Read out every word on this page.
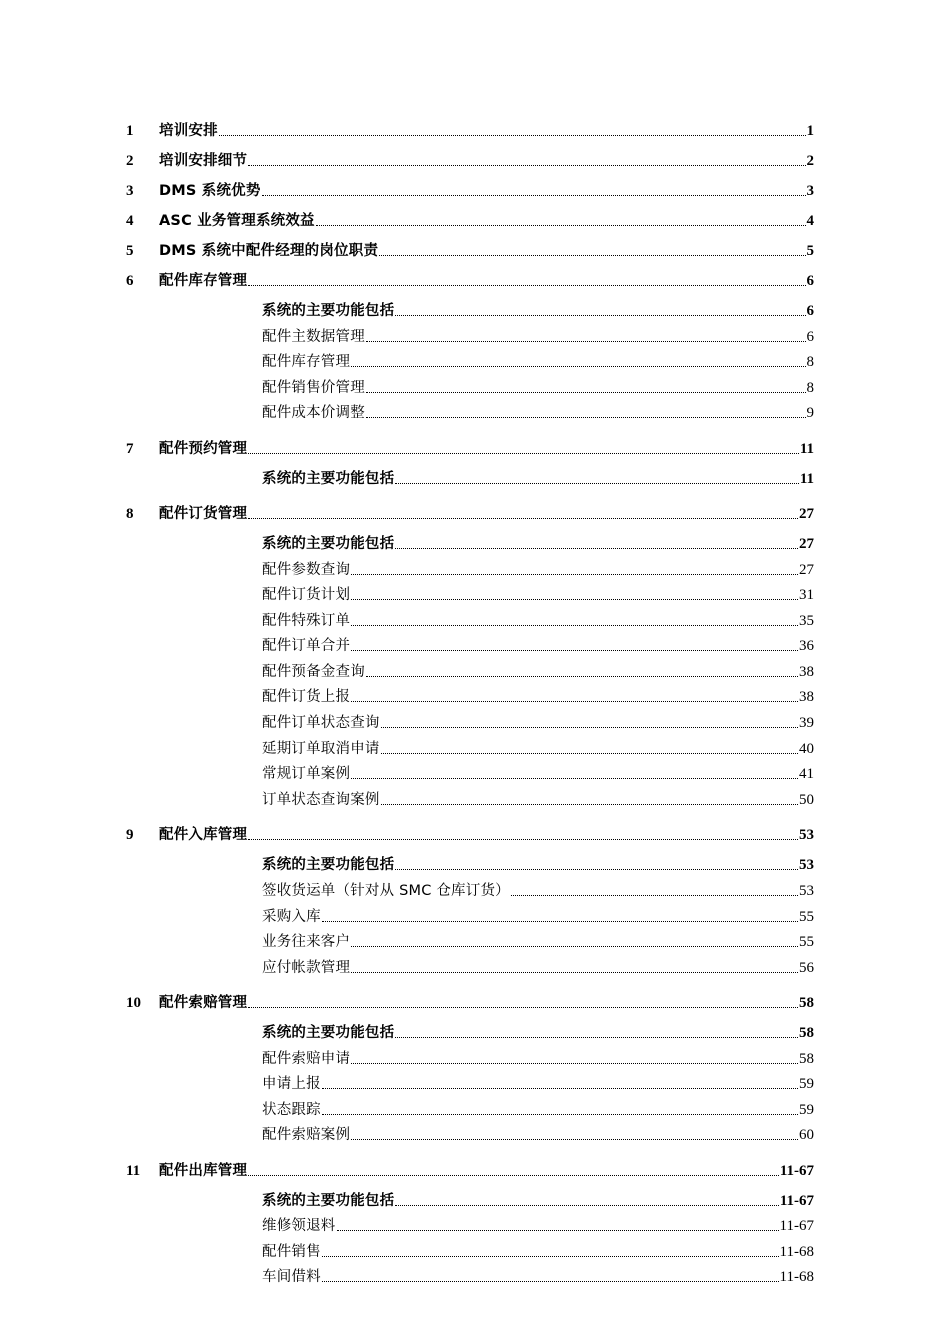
1	培训安排	1
2	培训安排细节	2
3	DMS 系统优势	3
4	ASC 业务管理系统效益	4
5	DMS 系统中配件经理的岗位职责	5
6	配件库存管理	6
系统的主要功能包括	6
配件主数据管理	6
配件库存管理	8
配件销售价管理	8
配件成本价调整	9
7	配件预约管理	11
系统的主要功能包括	11
8	配件订货管理	27
系统的主要功能包括	27
配件参数查询	27
配件订货计划	31
配件特殊订单	35
配件订单合并	36
配件预备金查询	38
配件订货上报	38
配件订单状态查询	39
延期订单取消申请	40
常规订单案例	41
订单状态查询案例	50
9	配件入库管理	53
系统的主要功能包括	53
签收货运单（针对从 SMC 仓库订货）	53
采购入库	55
业务往来客户	55
应付帐款管理	56
10	配件索赔管理	58
系统的主要功能包括	58
配件索赔申请	58
申请上报	59
状态跟踪	59
配件索赔案例	60
11	配件出库管理	11-67
系统的主要功能包括	11-67
维修领退料	11-67
配件销售	11-68
车间借料	11-68
